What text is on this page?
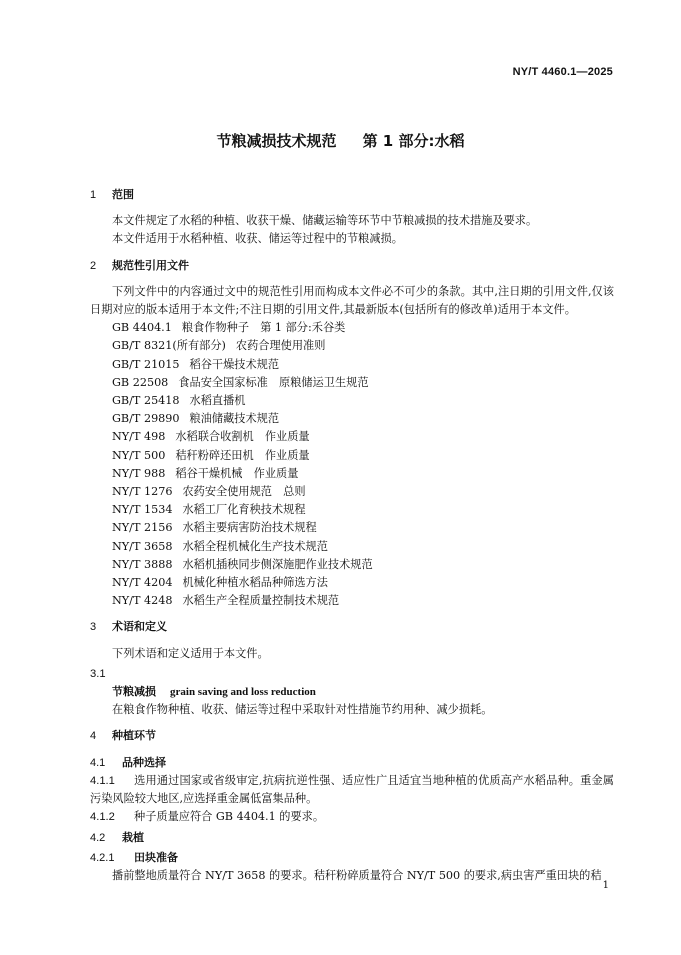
NY/T 4460.1—2025
节粮减损技术规范 第 1 部分:水稻
1 范围
本文件规定了水稻的种植、收获干燥、储藏运输等环节中节粮减损的技术措施及要求。
本文件适用于水稻种植、收获、储运等过程中的节粮减损。
2 规范性引用文件
下列文件中的内容通过文中的规范性引用而构成本文件必不可少的条款。其中,注日期的引用文件,仅该日期对应的版本适用于本文件;不注日期的引用文件,其最新版本(包括所有的修改单)适用于本文件。
GB 4404.1 粮食作物种子　第 1 部分:禾谷类
GB/T 8321(所有部分) 农药合理使用准则
GB/T 21015 稻谷干燥技术规范
GB 22508 食品安全国家标准　原粮储运卫生规范
GB/T 25418 水稻直播机
GB/T 29890 粮油储藏技术规范
NY/T 498 水稻联合收割机　作业质量
NY/T 500 秸秆粉碎还田机　作业质量
NY/T 988 稻谷干燥机械　作业质量
NY/T 1276 农药安全使用规范　总则
NY/T 1534 水稻工厂化育秧技术规程
NY/T 2156 水稻主要病害防治技术规程
NY/T 3658 水稻全程机械化生产技术规范
NY/T 3888 水稻机插秧同步侧深施肥作业技术规范
NY/T 4204 机械化种植水稻品种筛选方法
NY/T 4248 水稻生产全程质量控制技术规范
3 术语和定义
下列术语和定义适用于本文件。
3.1
节粮减损 grain saving and loss reduction
在粮食作物种植、收获、储运等过程中采取针对性措施节约用种、减少损耗。
4 种植环节
4.1 品种选择
4.1.1 选用通过国家或省级审定,抗病抗逆性强、适应性广且适宜当地种植的优质高产水稻品种。重金属污染风险较大地区,应选择重金属低富集品种。
4.1.2 种子质量应符合 GB 4404.1 的要求。
4.2 栽植
4.2.1 田块准备
播前整地质量符合 NY/T 3658 的要求。秸秆粉碎质量符合 NY/T 500 的要求,病虫害严重田块的秸
1
